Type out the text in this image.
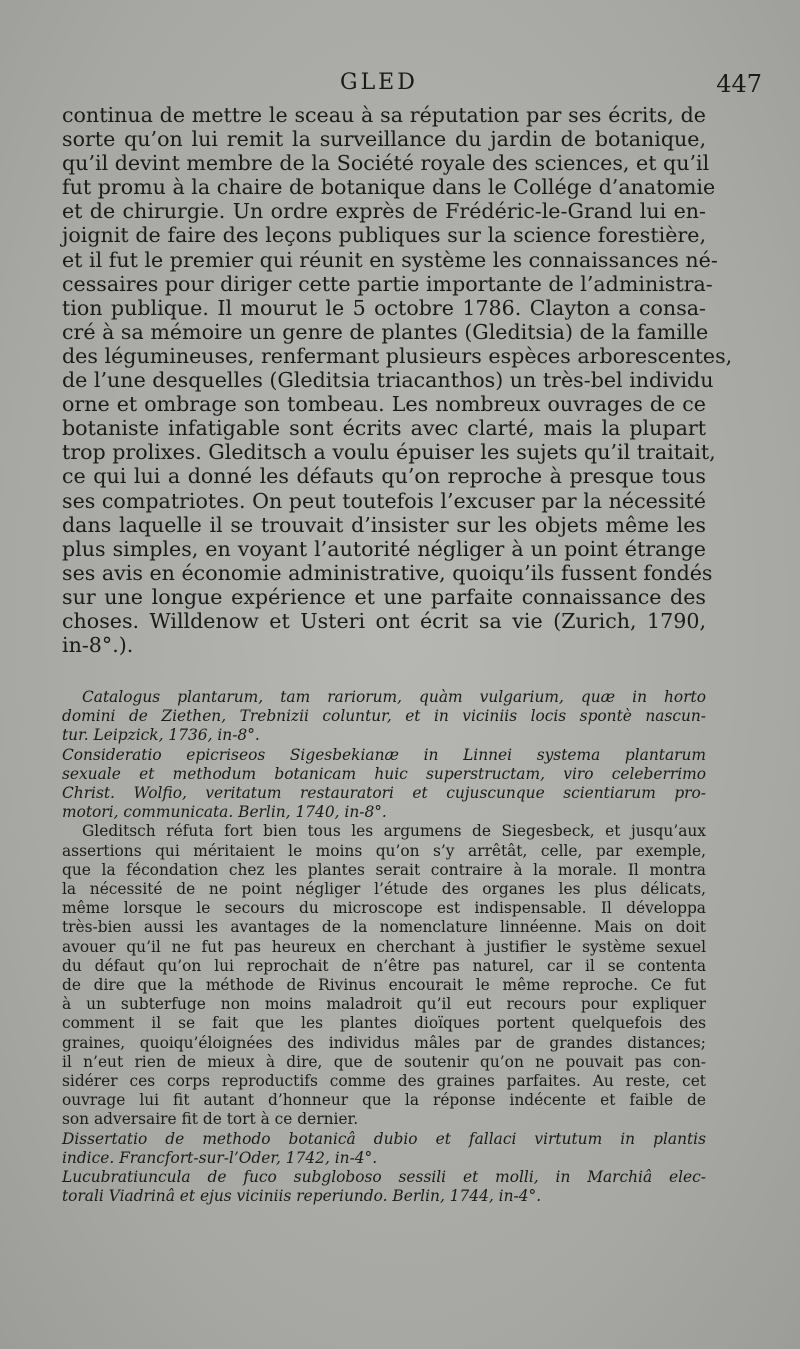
GLED	447
continua de mettre le sceau à sa réputation par ses écrits, de
sorte qu’on lui remit la surveillance du jardin de botanique,
qu’il devint membre de la Société royale des sciences, et qu’il
fut promu à la chaire de botanique dans le Collége d’anatomie
et de chirurgie. Un ordre exprès de Frédéric-le-Grand lui en-
joignit de faire des leçons publiques sur la science forestière,
et il fut le premier qui réunit en système les connaissances né-
cessaires pour diriger cette partie importante de l’administra-
tion publique. Il mourut le 5 octobre 1786. Clayton a consa-
cré à sa mémoire un genre de plantes (Gleditsia) de la famille
des légumineuses, renfermant plusieurs espèces arborescentes,
de l’une desquelles (Gleditsia triacanthos) un très-bel individu
orne et ombrage son tombeau. Les nombreux ouvrages de ce
botaniste infatigable sont écrits avec clarté, mais la plupart
trop prolixes. Gleditsch a voulu épuiser les sujets qu’il traitait,
ce qui lui a donné les défauts qu’on reproche à presque tous
ses compatriotes. On peut toutefois l’excuser par la nécessité
dans laquelle il se trouvait d’insister sur les objets même les
plus simples, en voyant l’autorité négliger à un point étrange
ses avis en économie administrative, quoiqu’ils fussent fondés
sur une longue expérience et une parfaite connaissance des
choses. Willdenow et Usteri ont écrit sa vie (Zurich, 1790,
in-8°.).
Catalogus plantarum, tam rariorum, quàm vulgarium, quæ in horto
domini de Ziethen, Trebnizii coluntur, et in viciniis locis spontè nascun-
tur. Leipzick, 1736, in-8°.
Consideratio epicriseos Sigesbekianæ in Linnei systema plantarum
sexuale et methodum botanicam huic superstructam, viro celeberrimo
Christ. Wolfio, veritatum restauratori et cujuscunque scientiarum pro-
motori, communicata. Berlin, 1740, in-8°.
Gleditsch réfuta fort bien tous les argumens de Siegesbeck, et jusqu’aux
assertions qui méritaient le moins qu’on s’y arrêtât, celle, par exemple,
que la fécondation chez les plantes serait contraire à la morale. Il montra
la nécessité de ne point négliger l’étude des organes les plus délicats,
même lorsque le secours du microscope est indispensable. Il développa
très-bien aussi les avantages de la nomenclature linnéenne. Mais on doit
avouer qu’il ne fut pas heureux en cherchant à justifier le système sexuel
du défaut qu’on lui reprochait de n’être pas naturel, car il se contenta
de dire que la méthode de Rivinus encourait le même reproche. Ce fut
à un subterfuge non moins maladroit qu’il eut recours pour expliquer
comment il se fait que les plantes dioïques portent quelquefois des
graines, quoiqu’éloignées des individus mâles par de grandes distances;
il n’eut rien de mieux à dire, que de soutenir qu’on ne pouvait pas con-
sidérer ces corps reproductifs comme des graines parfaites. Au reste, cet
ouvrage lui fit autant d’honneur que la réponse indécente et faible de
son adversaire fit de tort à ce dernier.
Dissertatio de methodo botanicâ dubio et fallaci virtutum in plantis
indice. Francfort-sur-l’Oder, 1742, in-4°.
Lucubratiuncula de fuco subgloboso sessili et molli, in Marchiâ elec-
torali Viadrinâ et ejus viciniis reperiundo. Berlin, 1744, in-4°.
